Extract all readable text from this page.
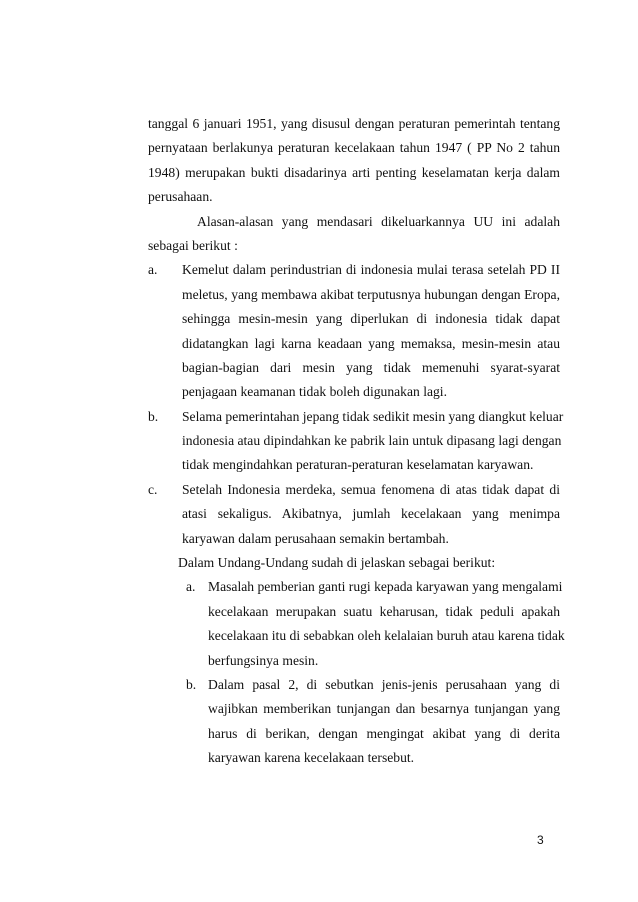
tanggal 6 januari 1951, yang disusul dengan peraturan pemerintah tentang
pernyataan berlakunya peraturan kecelakaan tahun 1947 ( PP No 2 tahun
1948) merupakan bukti disadarinya arti penting keselamatan kerja dalam
perusahaan.
Alasan-alasan yang mendasari dikeluarkannya UU ini adalah
sebagai berikut :
a.	Kemelut dalam perindustrian di indonesia mulai terasa setelah PD II
meletus, yang membawa akibat terputusnya hubungan dengan Eropa,
sehingga mesin-mesin yang diperlukan di indonesia tidak dapat
didatangkan lagi karna keadaan yang memaksa, mesin-mesin atau
bagian-bagian dari mesin yang tidak memenuhi syarat-syarat
penjagaan keamanan tidak boleh digunakan lagi.
b.	Selama pemerintahan jepang tidak sedikit mesin yang diangkut keluar
indonesia atau dipindahkan ke pabrik lain untuk dipasang lagi dengan
tidak mengindahkan peraturan-peraturan keselamatan karyawan.
c.	Setelah Indonesia merdeka, semua fenomena di atas tidak dapat di
atasi sekaligus. Akibatnya, jumlah kecelakaan yang menimpa
karyawan dalam perusahaan semakin bertambah.
Dalam Undang-Undang sudah di jelaskan sebagai berikut:
a. Masalah pemberian ganti rugi kepada karyawan yang mengalami
kecelakaan merupakan suatu keharusan, tidak peduli apakah
kecelakaan itu di sebabkan oleh kelalaian buruh atau karena tidak
berfungsinya mesin.
b. Dalam pasal 2, di sebutkan jenis-jenis perusahaan yang di
wajibkan memberikan tunjangan dan besarnya tunjangan yang
harus di berikan, dengan mengingat akibat yang di derita
karyawan karena kecelakaan tersebut.
3
